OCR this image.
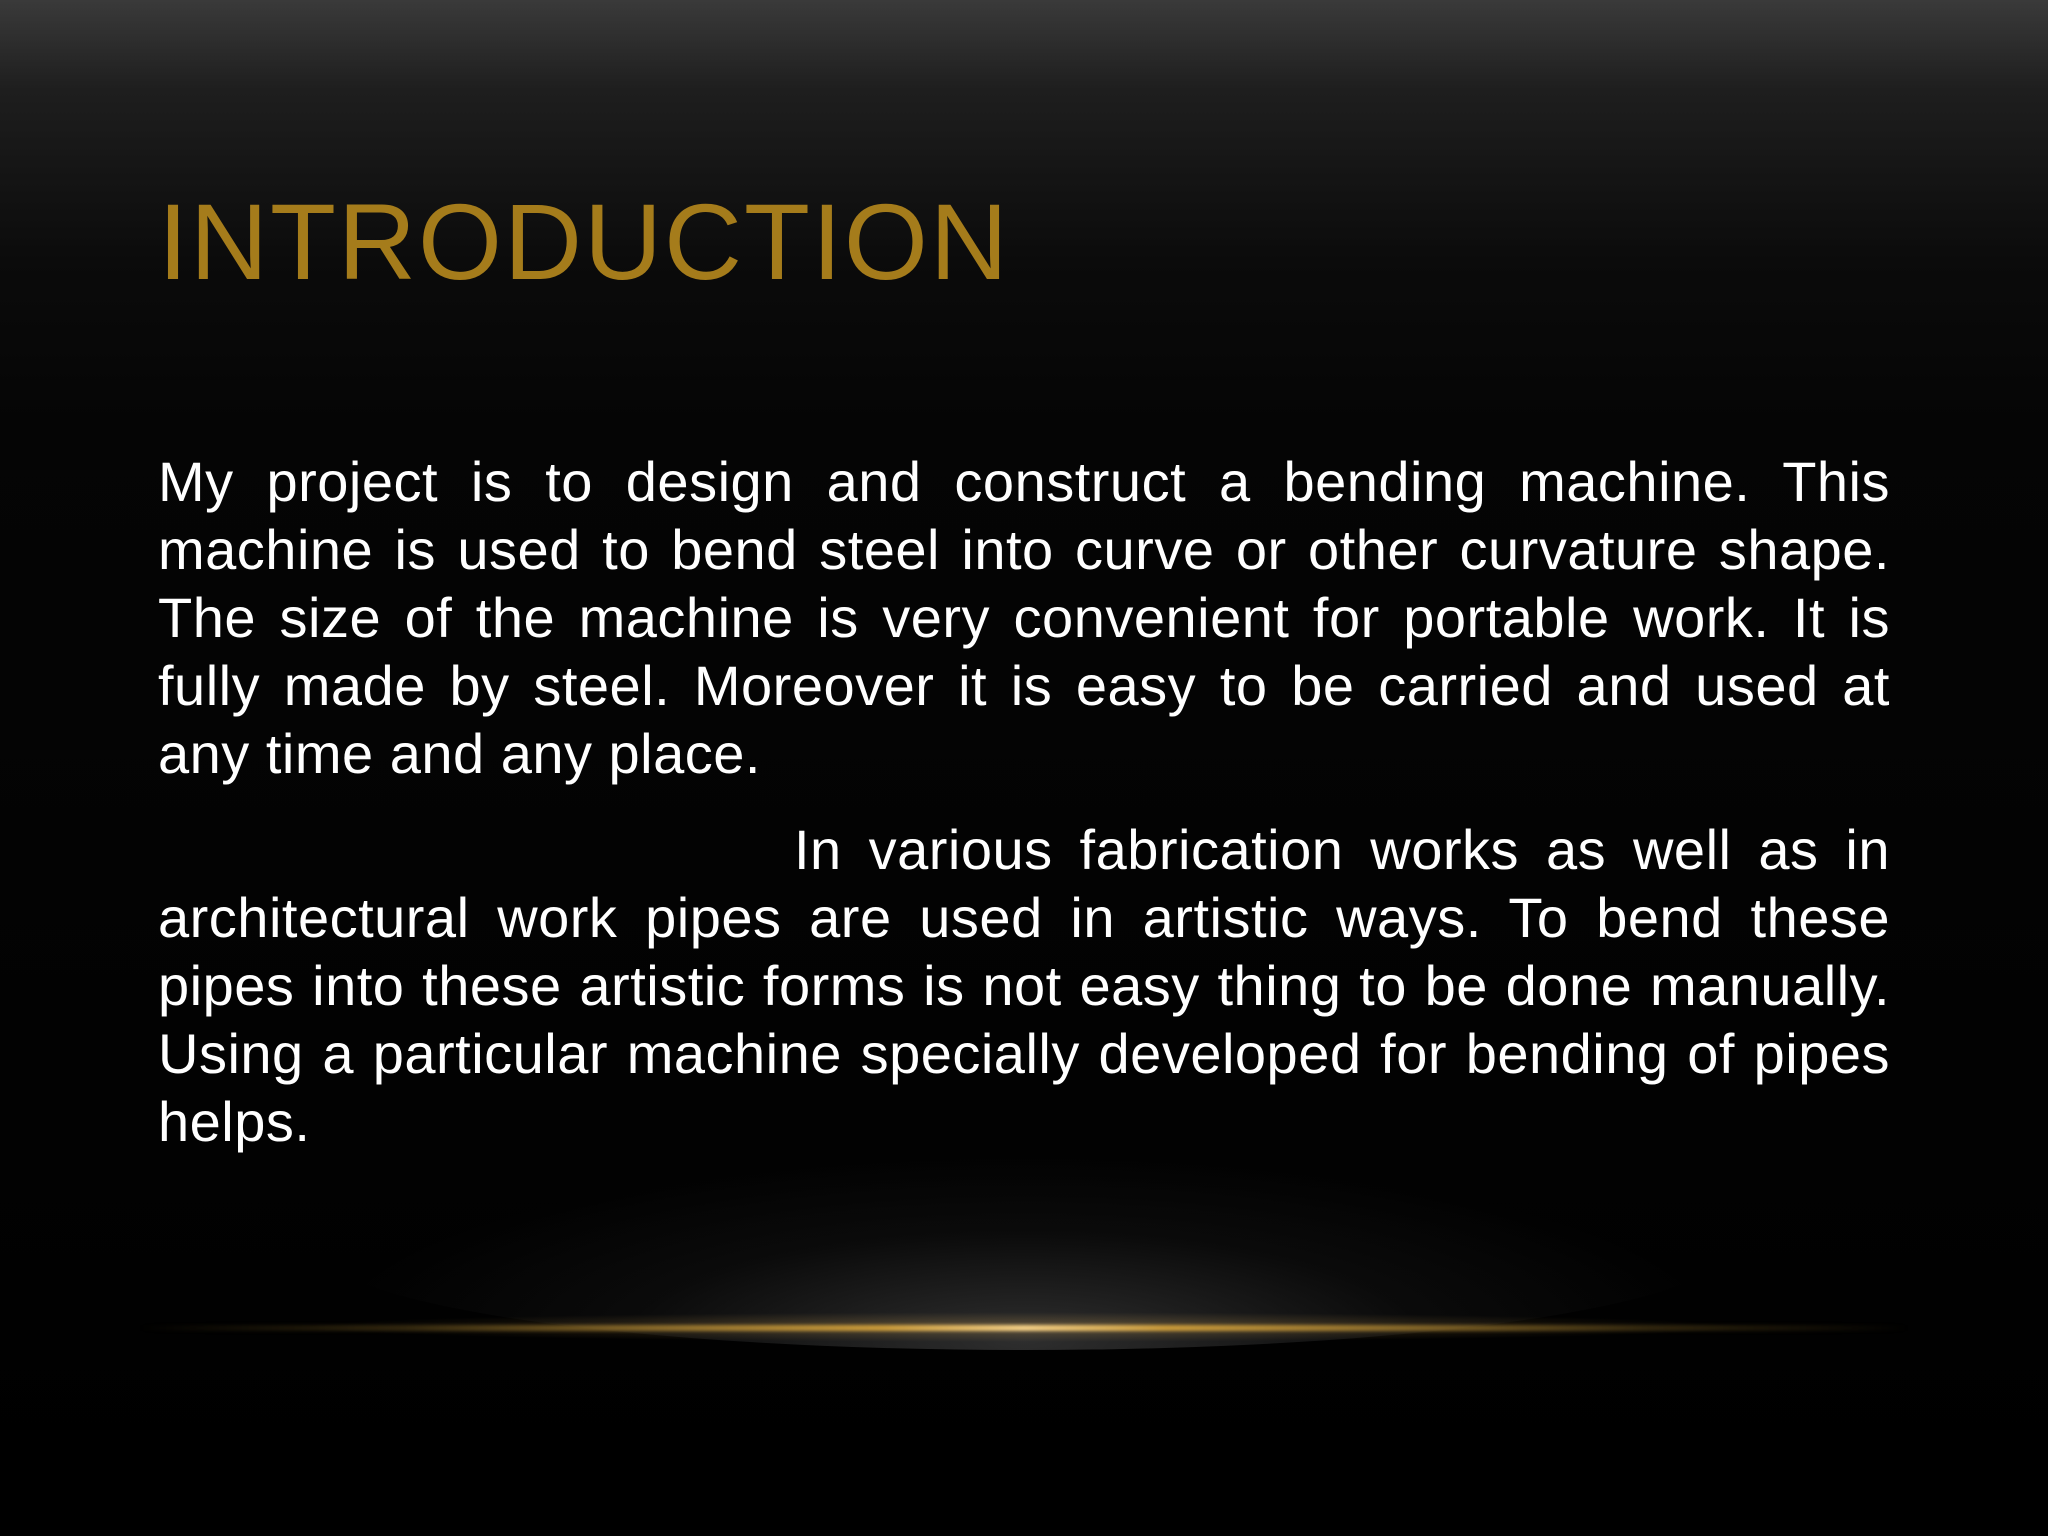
INTRODUCTION

My project is to design and construct a bending machine. This machine is used to bend steel into curve or other curvature shape. The size of the machine is very convenient for portable work. It is fully made by steel. Moreover it is easy to be carried and used at any time and any place.

In various fabrication works as well as in architectural work pipes are used in artistic ways. To bend these pipes into these artistic forms is not easy thing to be done manually. Using a particular machine specially developed for bending of pipes helps.
